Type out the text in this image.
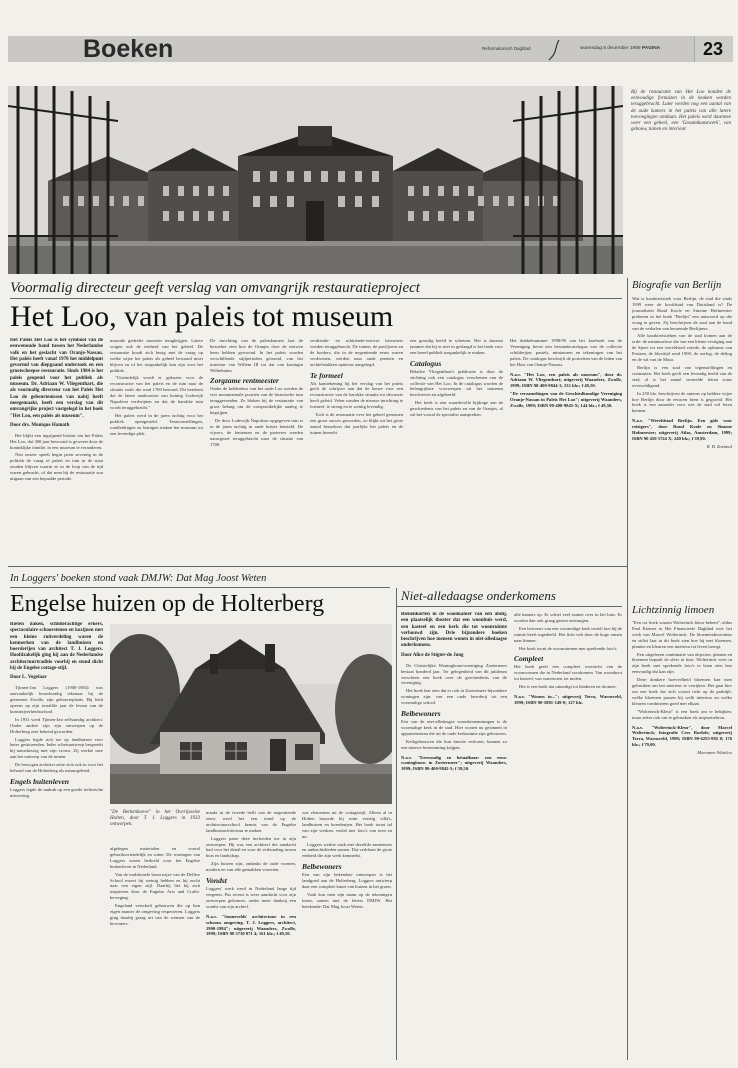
Boeken	Reformatorisch Dagblad	woensdag 8 december 1999 PAGINA 23
Bij de restauratie van Het Loo konden de eenvoudige fornuizen in de keuken worden teruggebracht. Later werden nog een aantal van de oude kamers in het paleis van alle latere toevoegingen ontdaan. Het paleis werd daarmee weer een geheel, een 'Gesamtkunstwerk', van gebouw, tuinen en interieur.
Voormalig directeur geeft verslag van omvangrijk restauratieproject
Het Loo, van paleis tot museum
Het Paleis Het Loo is het symbool van de eeuwenoude band tussen het Nederlandse volk en het geslacht van Oranje-Nassau. Het paleis heeft vanaf 1970 het middelpunt gevormd van diepgaand onderzoek en een grootscheepse restauratie. Sinds 1984 is het paleis geopend voor het publiek als museum. Dr. Adriaan W. Vliegenthart, die als voormalig directeur van het Paleis Het Loo de gebeurtenissen van nabij heeft meegemaakt, heeft een verslag van dit omvangrijke project vastgelegd in het boek "Het Loo, een paleis als museum".
Door drs. Monique Hamath

Het blijkt een ingrijpend besluit om het Paleis Het Loo, dat 300 jaar bewoond is geweest door de koninklijke familie, in een museum te veranderen.

Niet zozeer speelt begin jaren zeventig in de politiek de vraag of paleis en tuin in de staat zouden blijven waarin ze in de loop van de tijd waren gebracht, of dat men bij de restauratie zou uitgaan van een bepaalde periode.

museale gedeelte moesten terugkrijgen. Latere vragen ook de eenheid van het geheel. De restauratie houdt zich bezig met de vraag op welke wijze het paleis als geheel bewaard moet blijven en of het toegankelijk kan zijn voor het publiek.

"Uiteindelijk wordt er gekozen voor de reconstructie van het paleis en de tuin naar de situatie zoals die rond 1700 bestond. Dit betekent dat de latere aanbouwen van koning Lodewijk Napoleon verdwijnen en dat de barokke tuin wordt teruggebracht."

Het paleis werd in de jaren tachtig voor het publiek opengesteld. Tentoonstellingen, rondleidingen en lezingen maken het museum tot een levendige plek.

De inrichting van de paleiskamers laat de bezoeker zien hoe de Oranjes door de eeuwen heen hebben gewoond. In het paleis worden verschillende stijlperioden getoond, van het interieur van Willem III tot dat van koningin Wilhelmina.

Zorgzame rentmeester

Onder de kelderdeur van het oude Loo werden de vier monumentale poorten van de historische tuin teruggevonden. Ze bleken bij de restauratie van groot belang om de oorspronkelijke aanleg te begrijpen.

De door Lodewijk Napoleon opgegeven tuin is in de jaren tachtig in oude luister hersteld. De vijvers, de fonteinen en de parterres werden nauwgezet teruggebracht naar de situatie van 1700.

verdiende- en achttiende-eeuwse bewoners werden teruggebracht. De tuinen, de paviljoens en de borders, die in de negentiende eeuw waren verdwenen, werden naar oude prenten en archiefstukken opnieuw aangelegd.

Te formeel

Als kanttekening bij het verslag van het paleis geeft de schrijver aan dat de keuze voor een reconstructie van de barokke situatie tot discussie heeft geleid. Velen vonden de nieuwe inrichting te formeel, te streng en te weinig levendig.

Toch is de restauratie over het geheel genomen een groot succes geworden, zo blijkt uit het grote aantal bezoekers dat jaarlijks het paleis en de tuinen bezoekt.

een grondig beeld te schetsen. Het is daarom jammer dat bij er niet in geslaagd is het boek voor een breed publiek toegankelijk te maken.

Catalogus

Behalve Vliegenthart's publicatie is door de stichting ook een catalogus verschenen van de collectie van Het Loo. In de catalogus worden de belangrijkste voorwerpen uit het museum beschreven en afgebeeld.

Het boek is een waardevolle bijdrage aan de geschiedenis van het paleis en van de Oranjes, al zal het vooral de specialist aanspreken.

Het dubbelnummer 1998/99 van het Jaarboek van de Vereniging bevat een bestandscatalogus van de collectie schilderijen, pastels, miniaturen en tekeningen van het paleis. De catalogus beschrijft de portretten van de leden van het Huis van Oranje-Nassau.

N.a.v. "Het Loo, een paleis als museum", door dr. Adriaan W. Vliegenthart; uitgeverij Waanders, Zwolle, 1999; ISBN 90-400-9844-1; 231 blz.; f 49,50.

"De verzamelingen van de Geschiedkundige Vereniging Oranje-Nassau in Paleis Het Loo"; uitgeverij Waanders, Zwolle, 1999; ISBN 90-400-9845-X; 144 blz.; f 49,50.

Biografie van Berlijn

Wat is karakteristiek voor Berlijn, de stad die sinds 1999 weer de hoofdstad van Duitsland is? De journalisten Ruud Koole en Simone Hofmeester proberen in het boek "Berlijn" een antwoord op die vraag te geven. Zij beschrijven de stad aan de hand van de verhalen van beroemde Berlijners.

Alle karakteristieken van de stad komen aan de orde: de metamorfose die van een kleine vestiging aan de Spree tot een wereldstad voerde, de opkomst van Pruisen, de bloeitijd rond 1900, de oorlog, de deling en de val van de Muur.

Berlijn is een stad van tegenstellingen en contrasten. Het boek geeft een levendig beeld van de stad, al is het aantal vermelde feiten soms overweldigend.

In 250 blz. beschrijven de auteurs op heldere wijze hoe Berlijn door de eeuwen heen is gegroeid. Het boek is een aanrader voor wie de stad wil leren kennen.

N.a.v. "Wereldstad Berlijn. Een gids voor reizigers", door Ruud Koole en Simone Hofmeester; uitgeverij Atlas, Amsterdam, 1999; ISBN 90 450 3724 X; 240 blz.; f 39,90.

R. B. Zoetmul

Lichtzinnig limoen

"Een rot boek waarin Wolterinck kleur bekent", aldus Paul Kiemer in Het Financieele Dagblad over het werk van Marcel Wolterinck. De bloemendecorateur en stilist laat in dit boek zien hoe hij met bloemen, planten en kleuren een interieur tot leven brengt.

Een uitgelezen combinatie van objecten, planten en bloemen bepaalt de sfeer in huis. Wolterinck weet in zijn boek met sprekende foto's te laten zien hoe eenvoudig dat kan zijn.

Deze donkere hoeveelheid bloemen kan men gebruiken om het interieur te verrijken. Het gaat hier om een boek dat zich vooral richt op de praktijk: welke bloemen passen bij welk interieur en welke kleuren combineren goed met elkaar.

"Wolterinck-Kleur" is een boek om te bekijken, maar zeker ook om te gebruiken als inspiratiebron.

N.a.v. "Wolterinck-Kleur", door Marcel Wolterinck; fotografie Cees Roelofs; uitgeverij Terra, Warnsveld, 1999; ISBN 90-6255-882 8; 176 blz.; f 79,00.

Marianne Witteloo

In Loggers' boeken stond vaak DMJW: Dat Mag Joost Weten
Engelse huizen op de Holterberg	Niet-alledaagse onderkomens
Rieten daken, schilderachtige erkers, spectaculaire schoorstenen en kozijnen met een kleine ruitverdeling waren de kenmerken van de landhuizen en boerderijen van architect T. J. Loggers. Hoofdzakelijk ging hij aan de Nederlandse architectuurtraditie voorbij en stond dicht bij de Engelse cottage-stijl.
Door L. Vogelaar

Tjimen-Jan Loggers (1900-1984) was aanvankelijk bouwkundig tekenaar bij de gemeente Zwolle, zijn geboorteplaats. Hij leidt opeens op zijn twaalfde jaar de lessen van de kunstnijverheidsschool.

In 1931 werd Tjimen-Jan zelfstandig architect. Onder andere zijn zijn ontwerpen op de Holterberg zeer bekend geworden.

Loggers legde rich toe op landhuizen voor beter gesitueerden. Ieder schetsontwerp bespreekt hij nauwkeurig met zijn vrouw. Zij werkte mee aan het ontwerp van de tuinen.

De bewogen architect zette zich ook in voor het behoud van de Holterberg als natuurgebied.

Engels buitenleven

Loggers legde de nadruk op een goede technische uitvoering.

"De Berkenhoeve" in het Overijsselse Holten, door T. J. Loggers in 1933 ontworpen.

afgelegen materialen en vooral gebruiksvriendelijk en sober. De woningen van Loggers waren bedoeld voor het Engelse buitenleven in Nederland.

Van de traditionele bouwwijze van de Delftse School moest hij weinig hebben en hij zocht naar een eigen stijl. Daarbij liet hij zich inspireren door de Engelse Arts and Crafts-beweging.

Engeland verschaft gebouwen die op hun eigen manier de omgeving respecteren. Loggers ging daarbij graag uit van de wensen van de bewoners.

maakt in de tweede helft van de negentiende eeuw werd het een trend op de architectuurschool kennis van de Engelse landhuisarchitectuur te maken.

Loggers paste deze invloeden toe in zijn ontwerpen. Hij was een architect die aandacht had voor het detail en voor de verhouding tussen huis en landschap.

Zijn huizen zijn, ondanks de oude vormen, modern en van alle gemakken voorzien.

Vondst

Loggers' werk werd in Nederland lange tijd vergeten. Pas recent is weer aandacht voor zijn ontwerpen gekomen, onder meer dankzij een vondst van zijn archief.

N.a.v. "Sonnevelds' architectuur in een schoons omgeving. T. J. Loggers, architect, 1900-1984"; uitgeverij Waanders, Zwolle, 1999; ISBN 90 5730 071 4; 161 blz.; f 49,50.

wat elementen uit de cottagestijl. Alleen al in Holten bouwde hij ruim veertig villa's, landhuizen en boerderijen. Het boek toont tal van zijn werken, veelal met foto's van toen en nu.

Loggers werkte vaak met dezelfde aannemers en ambachtslieden samen. Dat verklaart de grote eenheid die zijn werk kenmerkt.

Belbewoners

Een van zijn bekendste ontwerpen is het landgoed aan de Holterberg. Loggers ontwierp daar een complete buurt van huizen in het groen.

Vaak kon men zijn naam op de tekeningen lezen, samen met de letters DMJW. Het betekende: Dat Mag Joost Weten.

Bienenkörfen in de woonkamer van een abdij, een plaatselijk theater dat een woonhuis werd, een kasteel en een kerk die tot woonruimte verbouwd zijn. Drie bijzondere boeken beschrijven hoe mensen wonen in niet-alledaagse onderkomens.
Door Alice de Stigter-de Jong

De Christelijke Woningbouwvereniging Zoetermeer bestaat honderd jaar. Ter gelegenheid van dit jubileum verscheen een boek over de geschiedenis van de vereniging.

Het boek laat zien dat er ook in Zoetermeer bijzondere woningen zijn: van een oude boerderij tot een voormalige school.

Belbewoners

Een van de niet-alledaagse woonbestemmingen is de voormalige kerk in de stad. Hier wonen nu gezinnen in appartementen die uit de oude kerkruimte zijn gehouwen.

Kerkgebouwen die hun functie verloren, kunnen zo een nieuwe bestemming krijgen.

N.a.v. "Eenvoudig en betaalbaar: een eeuw woningbouw in Zoetermeer"; uitgeverij Waanders, 1999; ISBN 90-400-9842-5; f 39,50.

alle kamers op. Er schiet veel ruimte over in het huis. Er worden dan ook graag gasten ontvangen.

Een bewoner van een voormalige kerk vertelt hoe hij de ruimte heeft ingedeeld. Het licht valt door de hoge ramen naar binnen.

Het boek toont de woonruimten met sprekende foto's.

Compleet

Het boek geeft een compleet overzicht van de woonvormen die in Nederland voorkomen. Van woonboot tot kasteel, van watertoren tot molen.

Het is een boek dat uitnodigt tot bladeren en dromen.

N.a.v. "Wonen in..."; uitgeverij Terra, Warnsveld, 1999; ISBN 90-5881-149-0; 127 blz.
